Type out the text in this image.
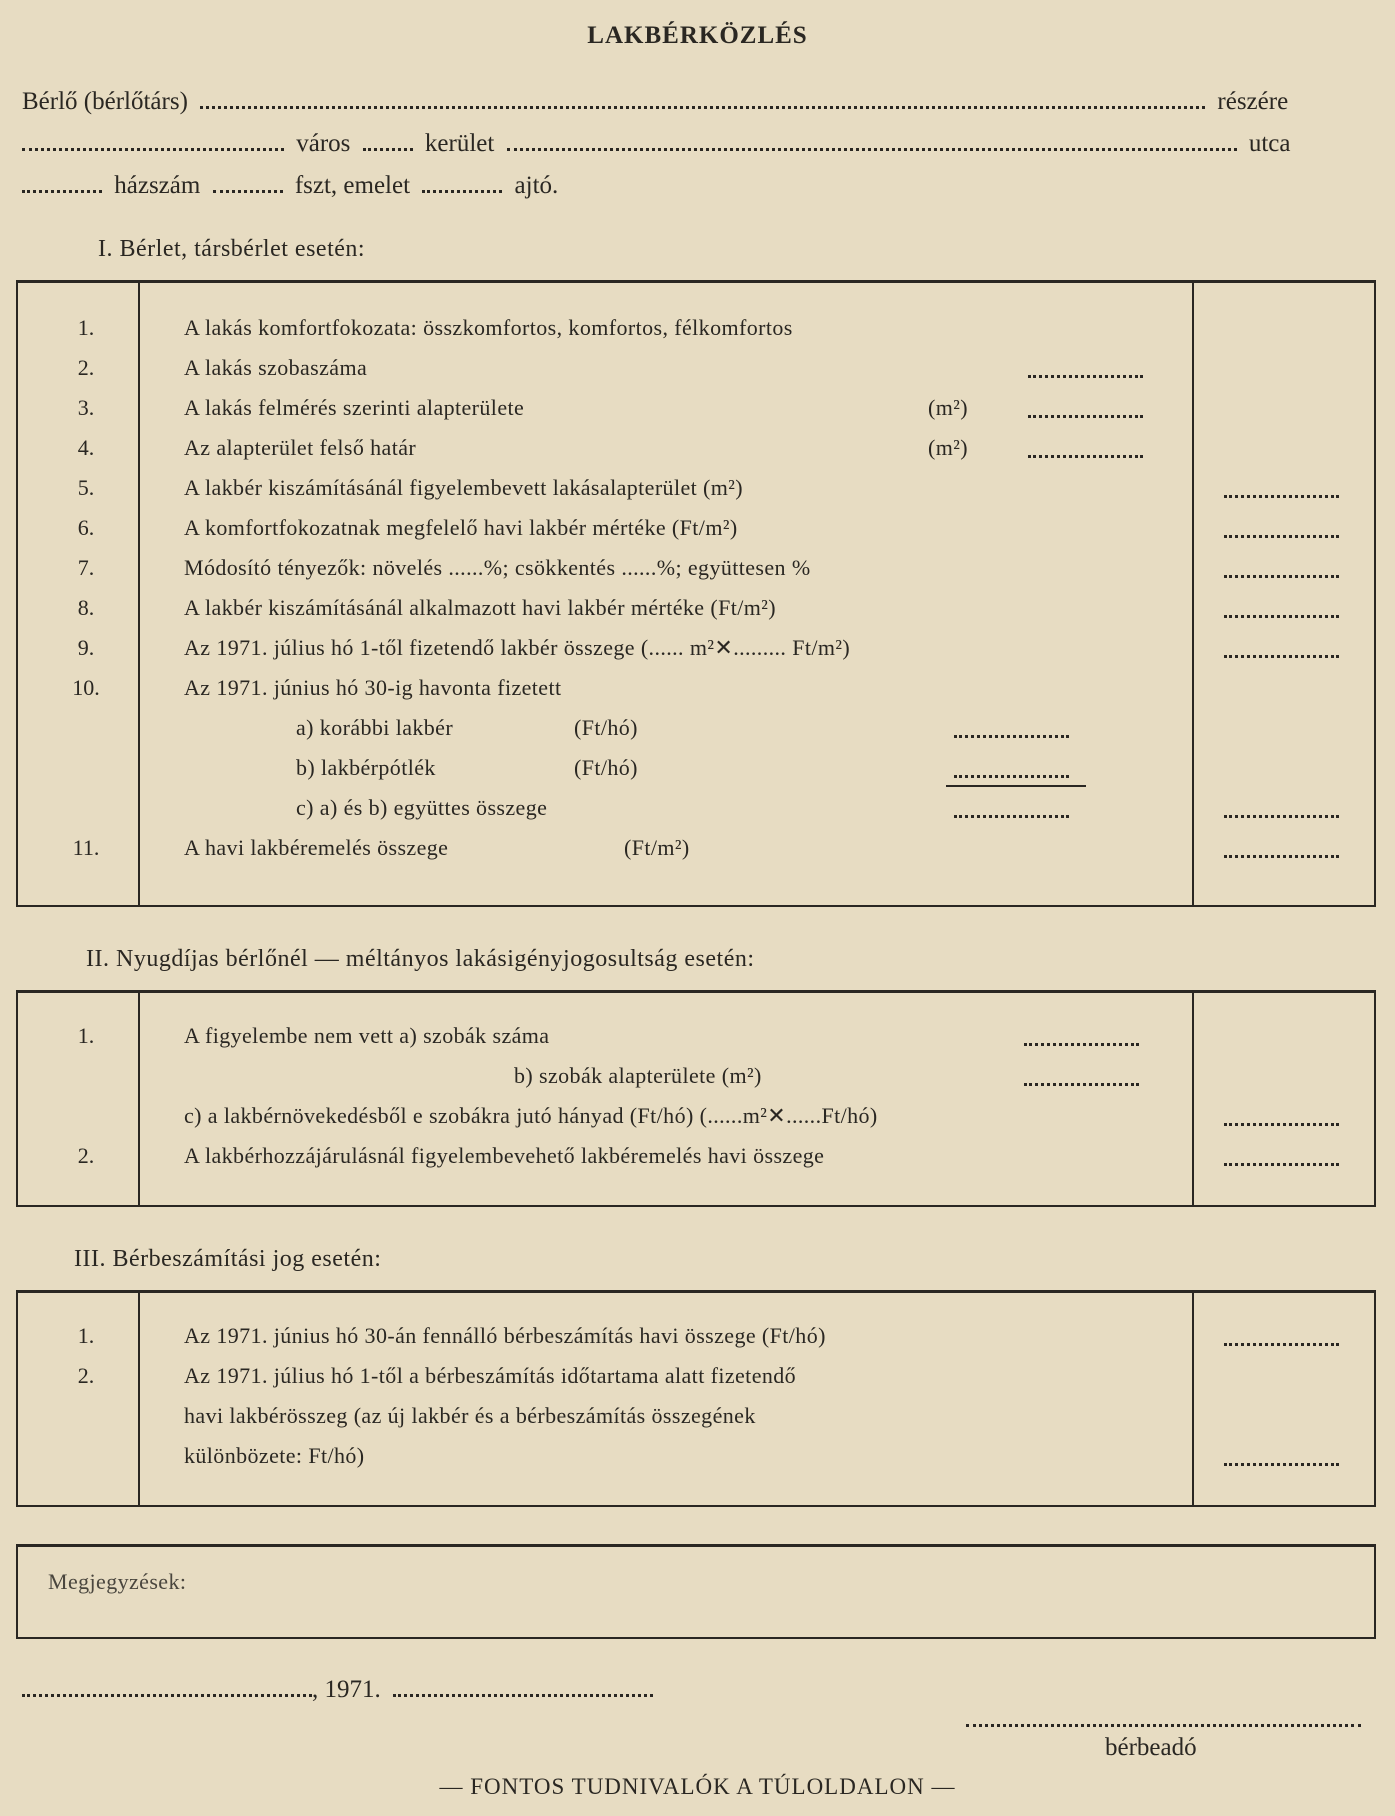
LAKBÉRKÖZLÉS
Bérlő (bérlőtárs)	részére
város	kerület	utca
házszám	fszt, emelet	ajtó.
I. Bérlet, társbérlet esetén:
1.	A lakás komfortfokozata: összkomfortos, komfortos, félkomfortos
2.	A lakás szobaszáma
3.	A lakás felmérés szerinti alapterülete	(m²)
4.	Az alapterület felső határ	(m²)
5.	A lakbér kiszámításánál figyelembevett lakásalapterület (m²)
6.	A komfortfokozatnak megfelelő havi lakbér mértéke (Ft/m²)
7.	Módosító tényezők: növelés ......%; csökkentés ......%; együttesen %
8.	A lakbér kiszámításánál alkalmazott havi lakbér mértéke (Ft/m²)
9.	Az 1971. július hó 1-től fizetendő lakbér összege (...... m²✕......... Ft/m²)
10.	Az 1971. június hó 30-ig havonta fizetett
a) korábbi lakbér	(Ft/hó)
b) lakbérpótlék	(Ft/hó)
c) a) és b) együttes összege
11.	A havi lakbéremelés összege	(Ft/m²)
II. Nyugdíjas bérlőnél — méltányos lakásigényjogosultság esetén:
1.	A figyelembe nem vett a) szobák száma
b) szobák alapterülete (m²)
c) a lakbérnövekedésből e szobákra jutó hányad (Ft/hó) (......m²✕......Ft/hó)
2.	A lakbérhozzájárulásnál figyelembevehető lakbéremelés havi összege
III. Bérbeszámítási jog esetén:
1.	Az 1971. június hó 30-án fennálló bérbeszámítás havi összege (Ft/hó)
2.	Az 1971. július hó 1-től a bérbeszámítás időtartama alatt fizetendő
havi lakbérösszeg (az új lakbér és a bérbeszámítás összegének
különbözete: Ft/hó)
Megjegyzések:
, 1971.
bérbeadó
— FONTOS TUDNIVALÓK A TÚLOLDALON —
